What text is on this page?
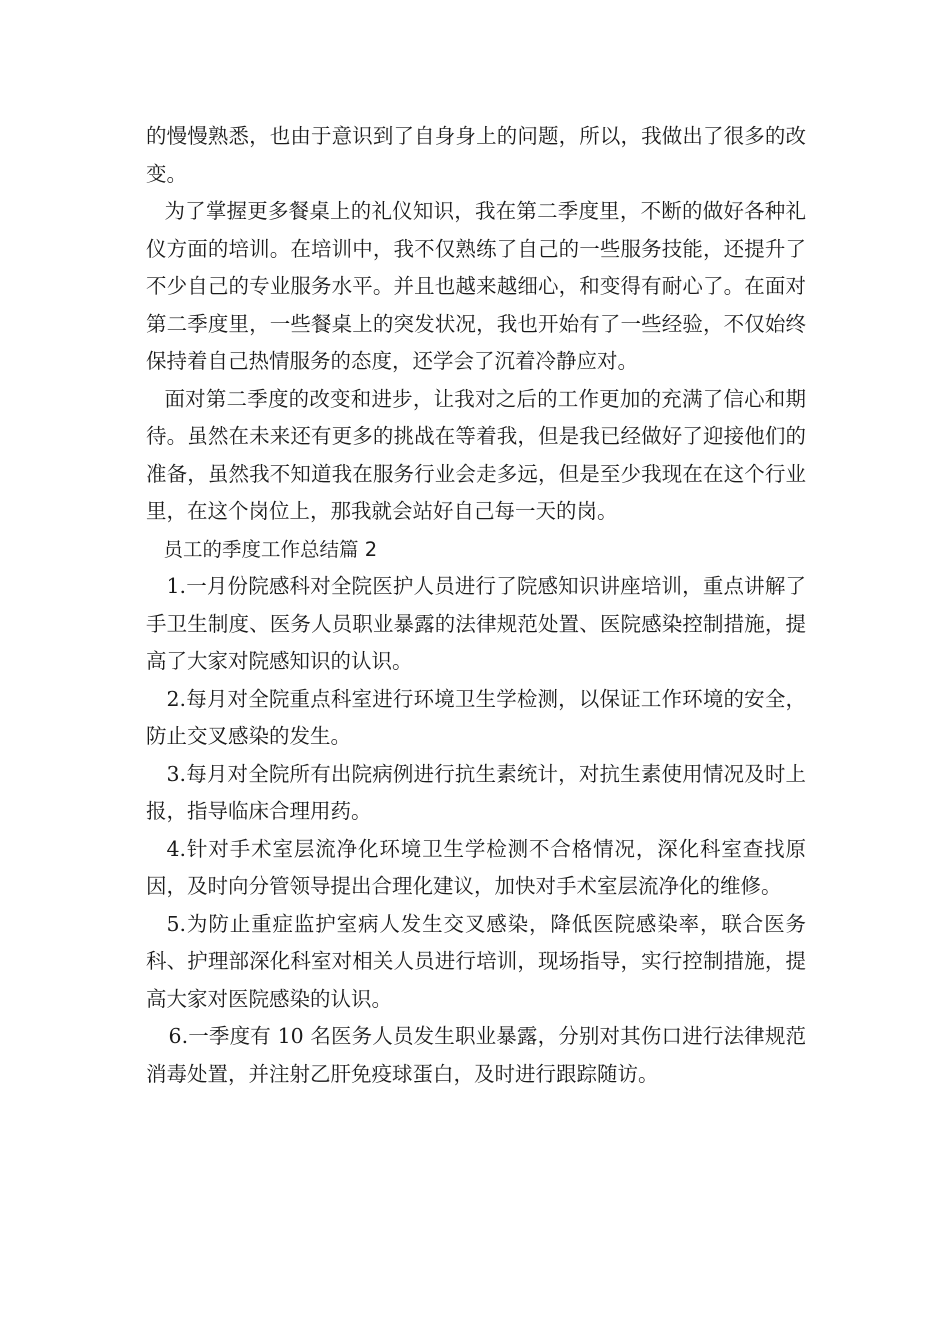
的慢慢熟悉，也由于意识到了自身身上的问题，所以，我做出了很多的改变。

为了掌握更多餐桌上的礼仪知识，我在第二季度里，不断的做好各种礼仪方面的培训。在培训中，我不仅熟练了自己的一些服务技能，还提升了不少自己的专业服务水平。并且也越来越细心，和变得有耐心了。在面对第二季度里，一些餐桌上的突发状况，我也开始有了一些经验，不仅始终保持着自己热情服务的态度，还学会了沉着冷静应对。

面对第二季度的改变和进步，让我对之后的工作更加的充满了信心和期待。虽然在未来还有更多的挑战在等着我，但是我已经做好了迎接他们的准备，虽然我不知道我在服务行业会走多远，但是至少我现在在这个行业里，在这个岗位上，那我就会站好自己每一天的岗。

员工的季度工作总结篇 2

1.一月份院感科对全院医护人员进行了院感知识讲座培训，重点讲解了手卫生制度、医务人员职业暴露的法律规范处置、医院感染控制措施，提高了大家对院感知识的认识。

2.每月对全院重点科室进行环境卫生学检测，以保证工作环境的安全，防止交叉感染的发生。

3.每月对全院所有出院病例进行抗生素统计，对抗生素使用情况及时上报，指导临床合理用药。

4.针对手术室层流净化环境卫生学检测不合格情况，深化科室查找原因，及时向分管领导提出合理化建议，加快对手术室层流净化的维修。

5.为防止重症监护室病人发生交叉感染，降低医院感染率，联合医务科、护理部深化科室对相关人员进行培训，现场指导，实行控制措施，提高大家对医院感染的认识。

6.一季度有 10 名医务人员发生职业暴露，分别对其伤口进行法律规范消毒处置，并注射乙肝免疫球蛋白，及时进行跟踪随访。
